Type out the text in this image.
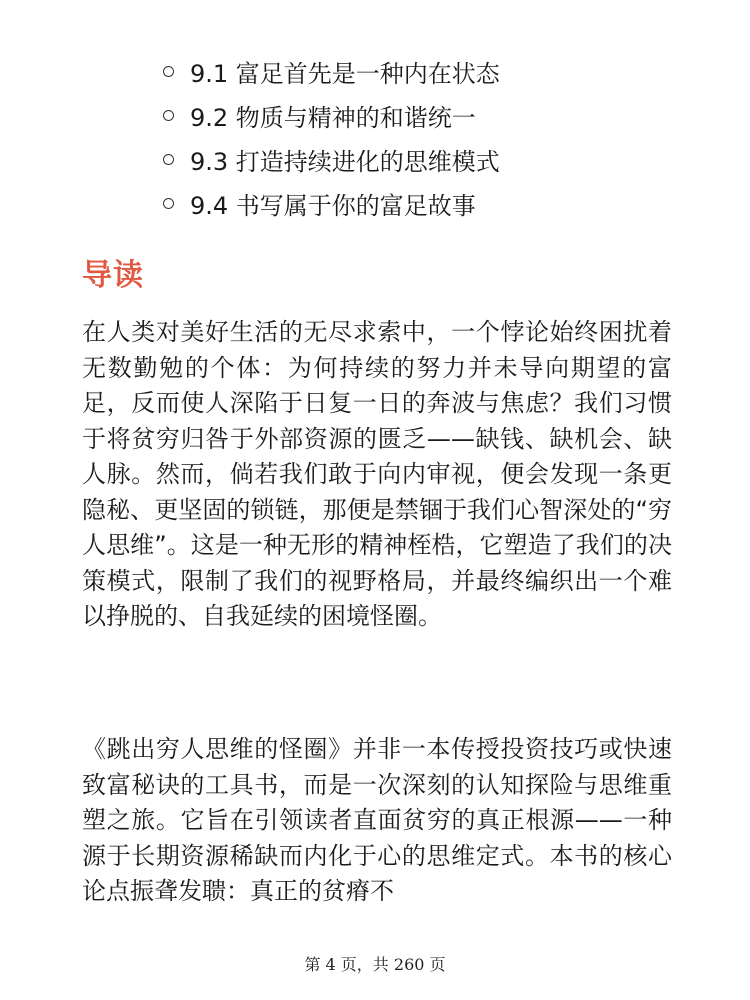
9.1 富足首先是一种内在状态
9.2 物质与精神的和谐统一
9.3 打造持续进化的思维模式
9.4 书写属于你的富足故事
导读

在人类对美好生活的无尽求索中，一个悖论始终困扰着无数勤勉的个体：为何持续的努力并未导向期望的富足，反而使人深陷于日复一日的奔波与焦虑？我们习惯于将贫穷归咎于外部资源的匮乏——缺钱、缺机会、缺人脉。然而，倘若我们敢于向内审视，便会发现一条更隐秘、更坚固的锁链，那便是禁锢于我们心智深处的“穷人思维”。这是一种无形的精神桎梏，它塑造了我们的决策模式，限制了我们的视野格局，并最终编织出一个难以挣脱的、自我延续的困境怪圈。

《跳出穷人思维的怪圈》并非一本传授投资技巧或快速致富秘诀的工具书，而是一次深刻的认知探险与思维重塑之旅。它旨在引领读者直面贫穷的真正根源——一种源于长期资源稀缺而内化于心的思维定式。本书的核心论点振聋发聩：真正的贫瘠不

第 4 页，共 260 页
